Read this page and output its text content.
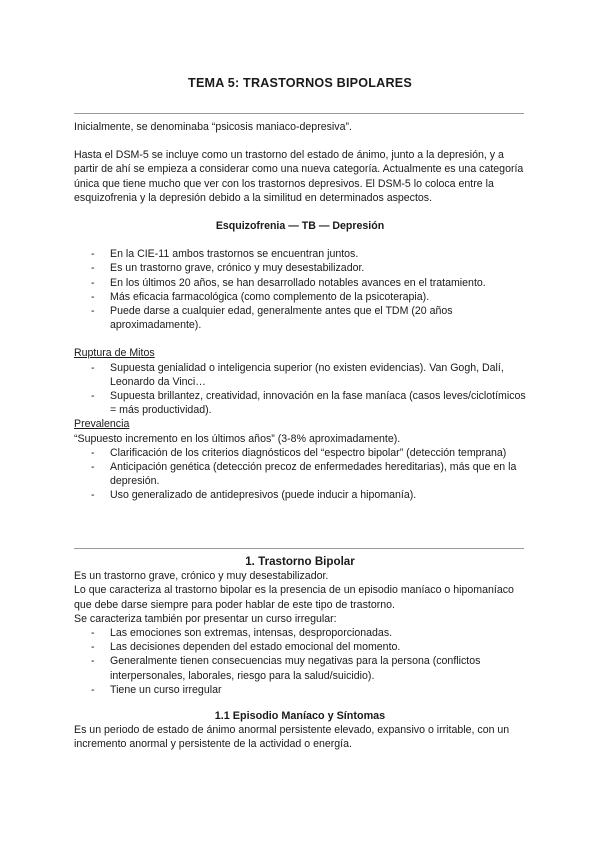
TEMA 5: TRASTORNOS BIPOLARES

Inicialmente, se denominaba “psicosis maniaco-depresiva”.

Hasta el DSM-5 se incluye como un trastorno del estado de ánimo, junto a la depresión, y a partir de ahí se empieza a considerar como una nueva categoría. Actualmente es una categoría única que tiene mucho que ver con los trastornos depresivos. El DSM-5 lo coloca entre la esquizofrenia y la depresión debido a la similitud en determinados aspectos.

Esquizofrenia — TB — Depresión

- En la CIE-11 ambos trastornos se encuentran juntos.
- Es un trastorno grave, crónico y muy desestabilizador.
- En los últimos 20 años, se han desarrollado notables avances en el tratamiento.
- Más eficacia farmacológica (como complemento de la psicoterapia).
- Puede darse a cualquier edad, generalmente antes que el TDM (20 años aproximadamente).

Ruptura de Mitos

- Supuesta genialidad o inteligencia superior (no existen evidencias). Van Gogh, Dalí, Leonardo da Vinci…
- Supuesta brillantez, creatividad, innovación en la fase maníaca (casos leves/ciclotímicos = más productividad).

Prevalencia

“Supuesto incremento en los últimos años” (3-8% aproximadamente).

- Clarificación de los criterios diagnósticos del “espectro bipolar” (detección temprana)
- Anticipación genética (detección precoz de enfermedades hereditarias), más que en la depresión.
- Uso generalizado de antidepresivos (puede inducir a hipomanía).

1. Trastorno Bipolar

Es un trastorno grave, crónico y muy desestabilizador.

Lo que caracteriza al trastorno bipolar es la presencia de un episodio maníaco o hipomaníaco que debe darse siempre para poder hablar de este tipo de trastorno.

Se caracteriza también por presentar un curso irregular:

- Las emociones son extremas, intensas, desproporcionadas.
- Las decisiones dependen del estado emocional del momento.
- Generalmente tienen consecuencias muy negativas para la persona (conflictos interpersonales, laborales, riesgo para la salud/suicidio).
- Tiene un curso irregular

1.1 Episodio Maníaco y Síntomas

Es un periodo de estado de ánimo anormal persistente elevado, expansivo o irritable, con un incremento anormal y persistente de la actividad o energía.
